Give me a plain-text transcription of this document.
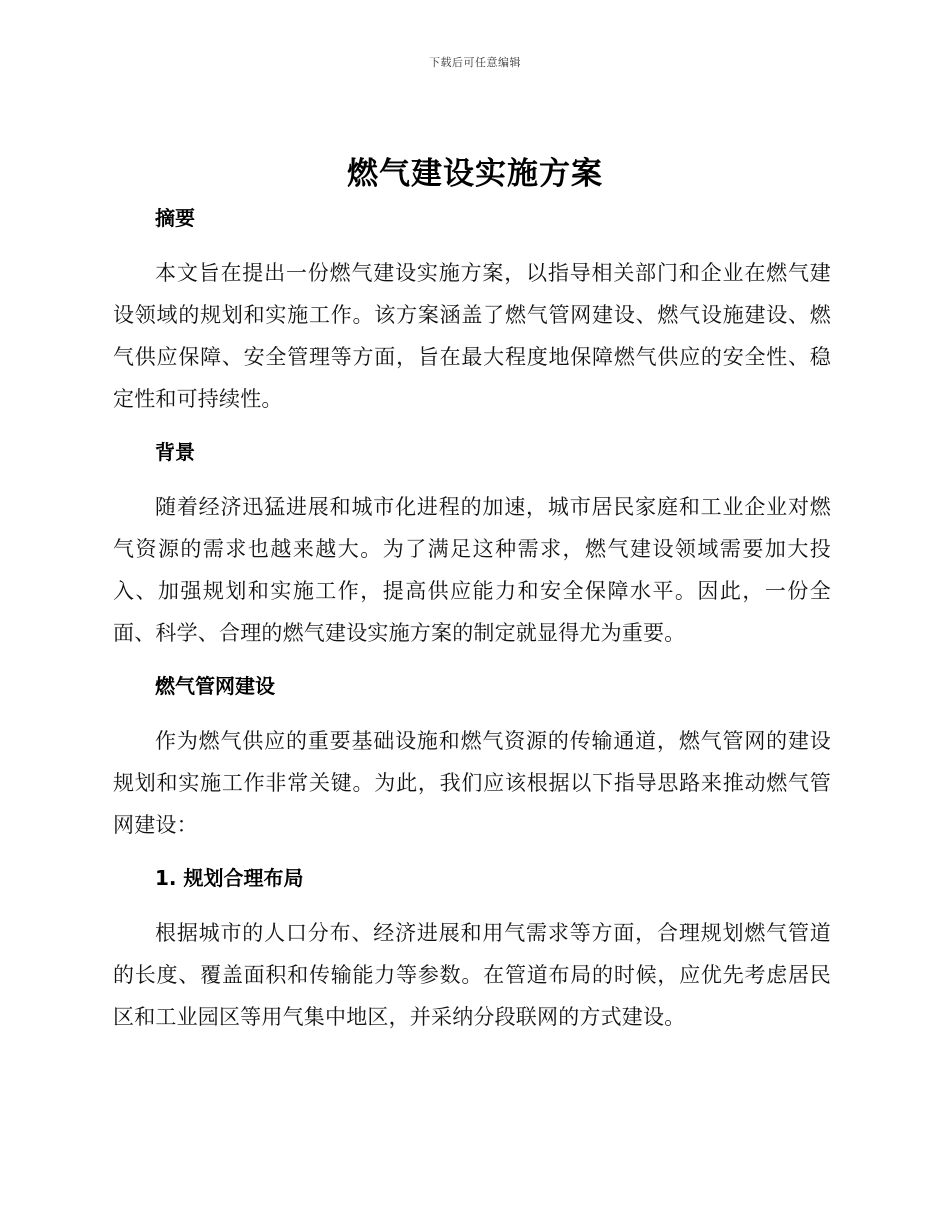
下载后可任意编辑
燃气建设实施方案
摘要

本文旨在提出一份燃气建设实施方案，以指导相关部门和企业在燃气建设领域的规划和实施工作。该方案涵盖了燃气管网建设、燃气设施建设、燃气供应保障、安全管理等方面，旨在最大程度地保障燃气供应的安全性、稳定性和可持续性。

背景

随着经济迅猛进展和城市化进程的加速，城市居民家庭和工业企业对燃气资源的需求也越来越大。为了满足这种需求，燃气建设领域需要加大投入、加强规划和实施工作，提高供应能力和安全保障水平。因此，一份全面、科学、合理的燃气建设实施方案的制定就显得尤为重要。

燃气管网建设

作为燃气供应的重要基础设施和燃气资源的传输通道，燃气管网的建设规划和实施工作非常关键。为此，我们应该根据以下指导思路来推动燃气管网建设：

1. 规划合理布局

根据城市的人口分布、经济进展和用气需求等方面，合理规划燃气管道的长度、覆盖面积和传输能力等参数。在管道布局的时候，应优先考虑居民区和工业园区等用气集中地区，并采纳分段联网的方式建设。
